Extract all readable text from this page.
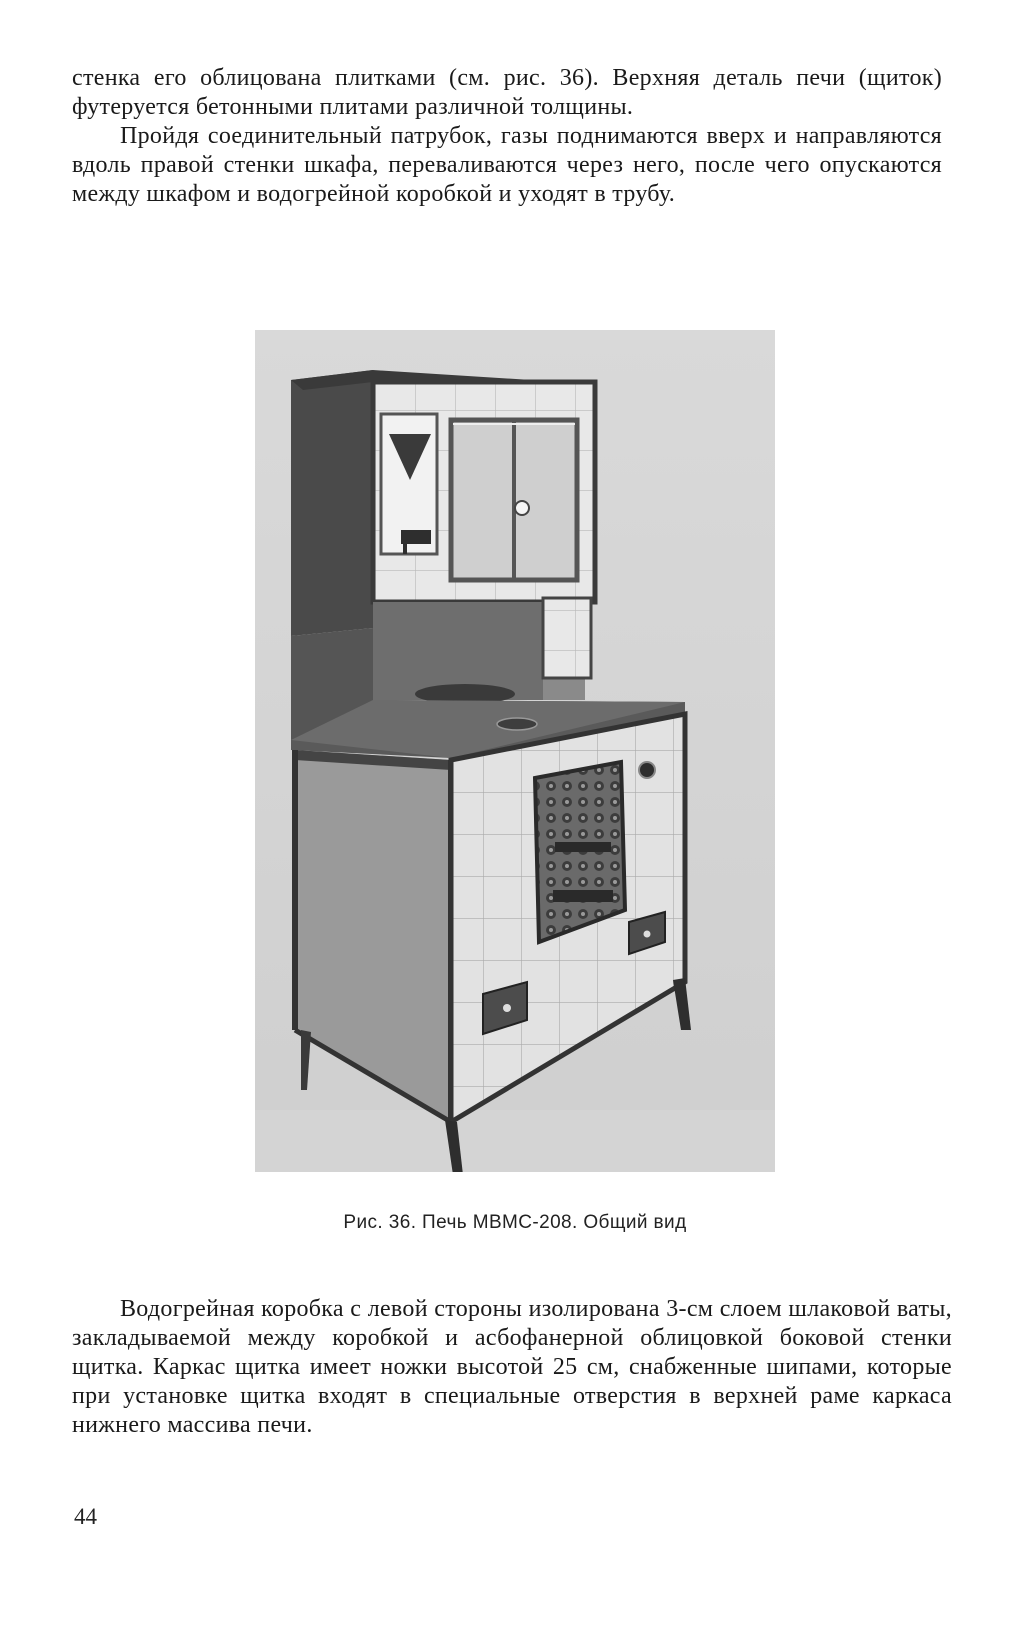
стенка его облицована плитками (см. рис. 36). Верхняя деталь печи (щиток) футеруется бетонными плитами различной толщины.

Пройдя соединительный патрубок, газы поднимаются вверх и направляются вдоль правой стенки шкафа, переваливаются через него, после чего опускаются между шкафом и водогрейной коробкой и уходят в трубу.

Рис. 36. Печь МВМС-208. Общий вид

Водогрейная коробка с левой стороны изолирована 3-см слоем шлаковой ваты, закладываемой между коробкой и асбофанерной облицовкой боковой стенки щитка. Каркас щитка имеет ножки высотой 25 см, снабженные шипами, которые при установке щитка входят в специальные отверстия в верхней раме каркаса нижнего массива печи.

44
